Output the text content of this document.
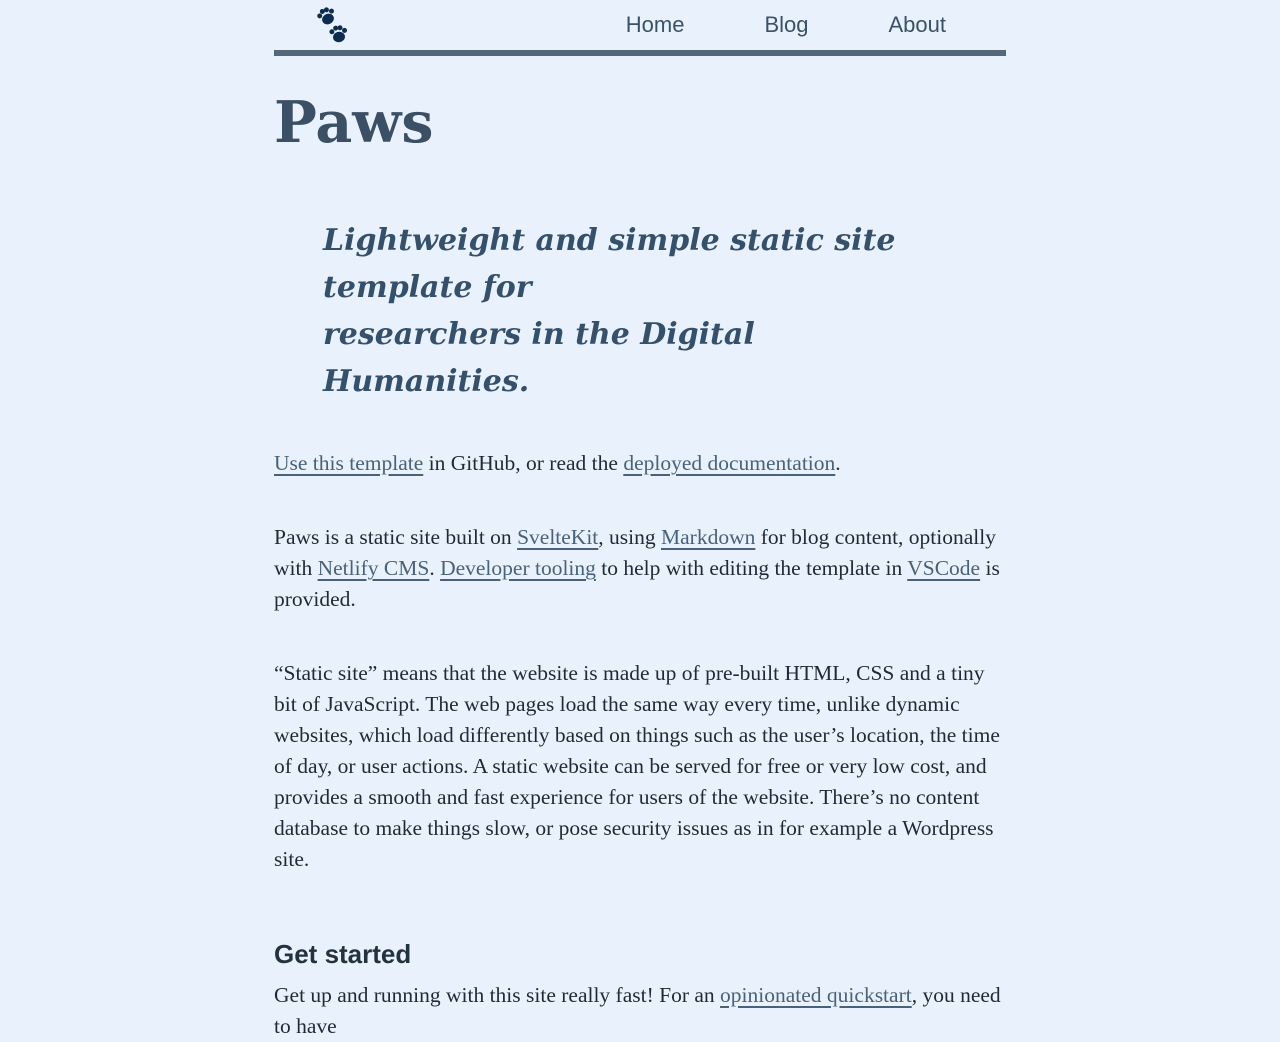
Home	Blog	About
Paws
Lightweight and simple static site template for
researchers in the Digital Humanities.

Use this template in GitHub, or read the deployed documentation.

Paws is a static site built on SvelteKit, using Markdown for blog content, optionally with Netlify CMS. Developer tooling to help with editing the template in VSCode is provided.

“Static site” means that the website is made up of pre-built HTML, CSS and a tiny bit of JavaScript. The web pages load the same way every time, unlike dynamic websites, which load differently based on things such as the user’s location, the time of day, or user actions. A static website can be served for free or very low cost, and provides a smooth and fast experience for users of the website. There’s no content database to make things slow, or pose security issues as in for example a Wordpress site.

Get started

Get up and running with this site really fast! For an opinionated quickstart, you need to have
